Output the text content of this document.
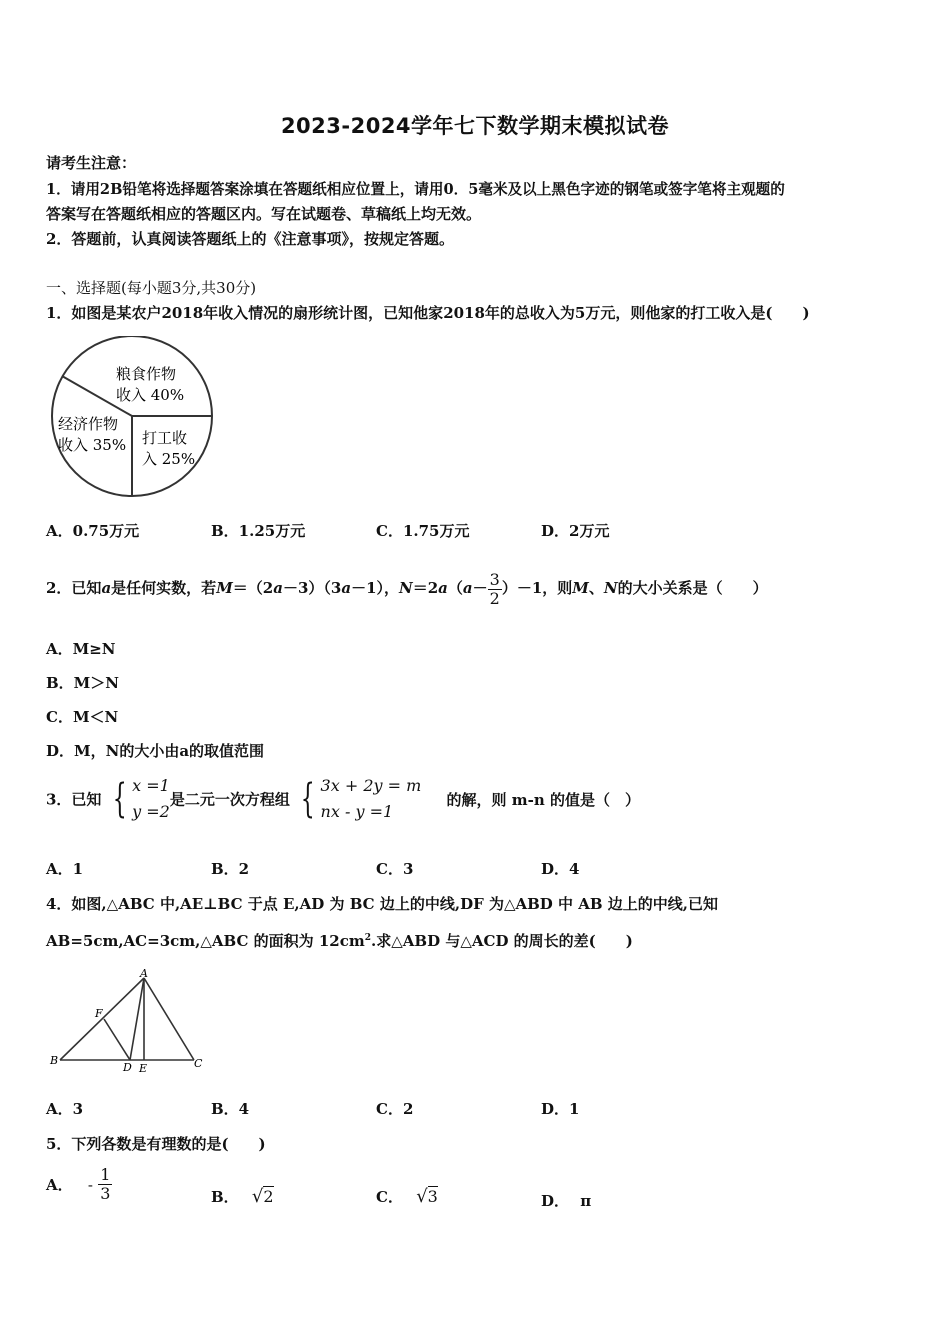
2023-2024学年七下数学期末模拟试卷
请考生注意：
1．请用2B铅笔将选择题答案涂填在答题纸相应位置上，请用0．5毫米及以上黑色字迹的钢笔或签字笔将主观题的
答案写在答题纸相应的答题区内。写在试题卷、草稿纸上均无效。
2．答题前，认真阅读答题纸上的《注意事项》，按规定答题。
一、选择题(每小题3分,共30分)
1．如图是某农户2018年收入情况的扇形统计图，已知他家2018年的总收入为5万元，则他家的打工收入是(　　)
粮食作物
收入 40%
打工收
入 25%
经济作物
收入 35%
A．0.75万元	B．1.25万元	C．1.75万元	D．2万元
2．已知a是任何实数，若M＝（2a－3）（3a－1），$N=2a(a- \frac{3}{2} )-1$，则M、N的大小关系是（　　）
A．M≥N
B．M＞N
C．M＜N
D．M，N的大小由a的取值范围
3．已知 { x =1
y =2
是二元一次方程组 { 3x + 2y = m
nx - y =1
的解，则 m-n 的值是（　）
A．1	B．2	C．3	D．4
4．如图,△ABC 中,AE⊥BC 于点 E,AD 为 BC 边上的中线,DF 为△ABD 中 AB 边上的中线,已知
AB=5cm,AC=3cm,△ABC 的面积为 $12cm^2$.求△ABD 与△ACD 的周长的差(　　)
A
B	C
D E
F
A．3	B．4	C．2	D．1
5．下列各数是有理数的是(　　)
A． - $\frac{1}{3}$	B． √2	C． √3	D． π
